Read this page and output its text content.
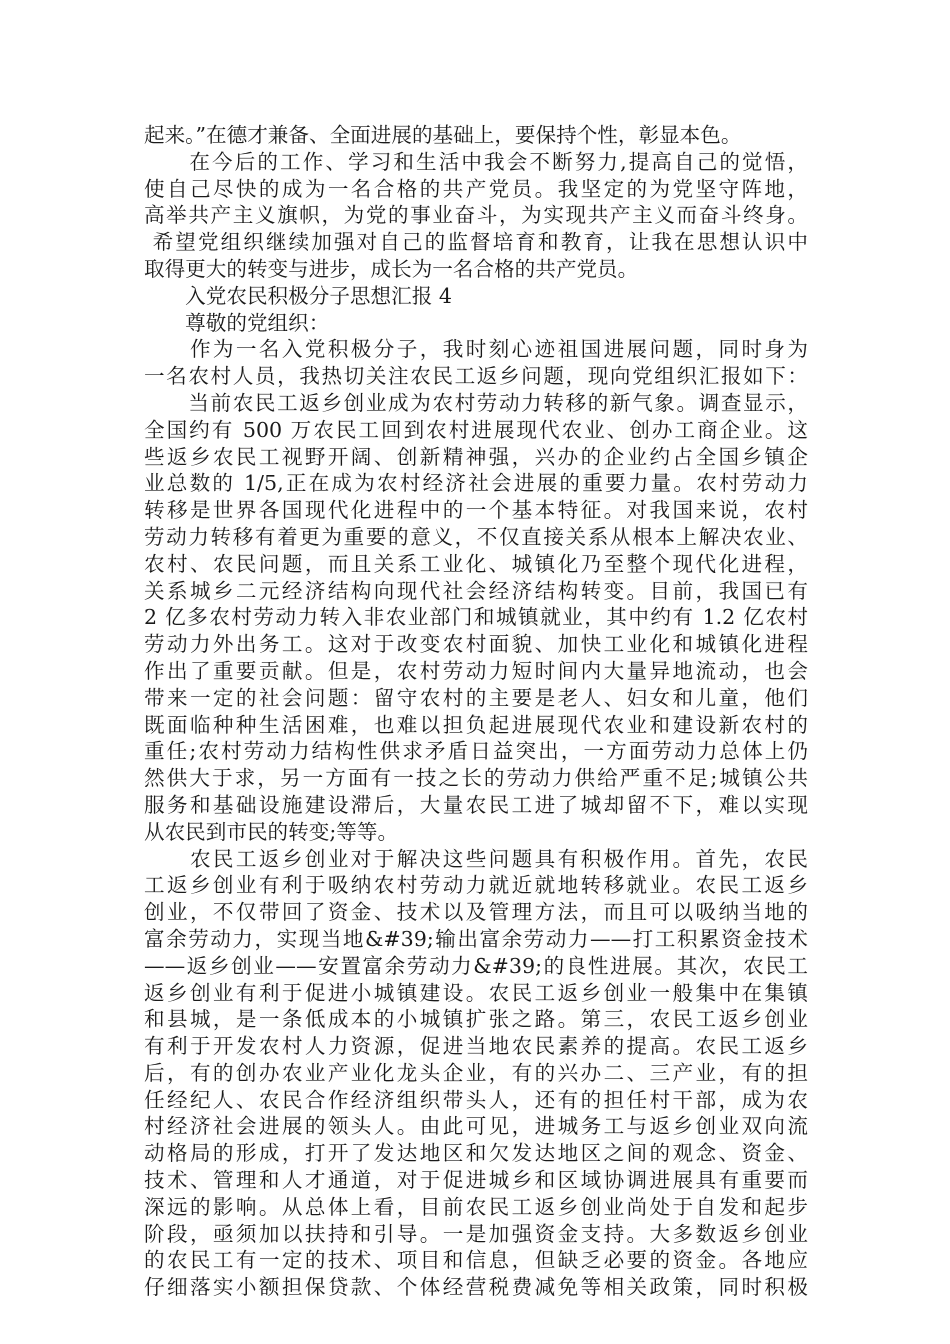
起来。”在德才兼备、全面进展的基础上，要保持个性，彰显本色。
　　在今后的工作、学习和生活中我会不断努力,提高自己的觉悟，
使自己尽快的成为一名合格的共产党员。我坚定的为党坚守阵地，
高举共产主义旗帜，为党的事业奋斗，为实现共产主义而奋斗终身。
希望党组织继续加强对自己的监督培育和教育，让我在思想认识中
取得更大的转变与进步，成长为一名合格的共产党员。
　　入党农民积极分子思想汇报 4
　　尊敬的党组织：
　　作为一名入党积极分子，我时刻心迹祖国进展问题，同时身为
一名农村人员，我热切关注农民工返乡问题，现向党组织汇报如下：
　　当前农民工返乡创业成为农村劳动力转移的新气象。调查显示，
全国约有 500 万农民工回到农村进展现代农业、创办工商企业。这
些返乡农民工视野开阔、创新精神强，兴办的企业约占全国乡镇企
业总数的 1/5,正在成为农村经济社会进展的重要力量。农村劳动力
转移是世界各国现代化进程中的一个基本特征。对我国来说，农村
劳动力转移有着更为重要的意义，不仅直接关系从根本上解决农业、
农村、农民问题，而且关系工业化、城镇化乃至整个现代化进程，
关系城乡二元经济结构向现代社会经济结构转变。目前，我国已有
2 亿多农村劳动力转入非农业部门和城镇就业，其中约有 1.2 亿农村
劳动力外出务工。这对于改变农村面貌、加快工业化和城镇化进程
作出了重要贡献。但是，农村劳动力短时间内大量异地流动，也会
带来一定的社会问题：留守农村的主要是老人、妇女和儿童，他们
既面临种种生活困难，也难以担负起进展现代农业和建设新农村的
重任;农村劳动力结构性供求矛盾日益突出，一方面劳动力总体上仍
然供大于求，另一方面有一技之长的劳动力供给严重不足;城镇公共
服务和基础设施建设滞后，大量农民工进了城却留不下，难以实现
从农民到市民的转变;等等。
　　农民工返乡创业对于解决这些问题具有积极作用。首先，农民
工返乡创业有利于吸纳农村劳动力就近就地转移就业。农民工返乡
创业，不仅带回了资金、技术以及管理方法，而且可以吸纳当地的
富余劳动力，实现当地&#39;输出富余劳动力——打工积累资金技术
——返乡创业——安置富余劳动力&#39;的良性进展。其次，农民工
返乡创业有利于促进小城镇建设。农民工返乡创业一般集中在集镇
和县城，是一条低成本的小城镇扩张之路。第三，农民工返乡创业
有利于开发农村人力资源，促进当地农民素养的提高。农民工返乡
后，有的创办农业产业化龙头企业，有的兴办二、三产业，有的担
任经纪人、农民合作经济组织带头人，还有的担任村干部，成为农
村经济社会进展的领头人。由此可见，进城务工与返乡创业双向流
动格局的形成，打开了发达地区和欠发达地区之间的观念、资金、
技术、管理和人才通道，对于促进城乡和区域协调进展具有重要而
深远的影响。从总体上看，目前农民工返乡创业尚处于自发和起步
阶段，亟须加以扶持和引导。一是加强资金支持。大多数返乡创业
的农民工有一定的技术、项目和信息，但缺乏必要的资金。各地应
仔细落实小额担保贷款、个体经营税费减免等相关政策，同时积极
